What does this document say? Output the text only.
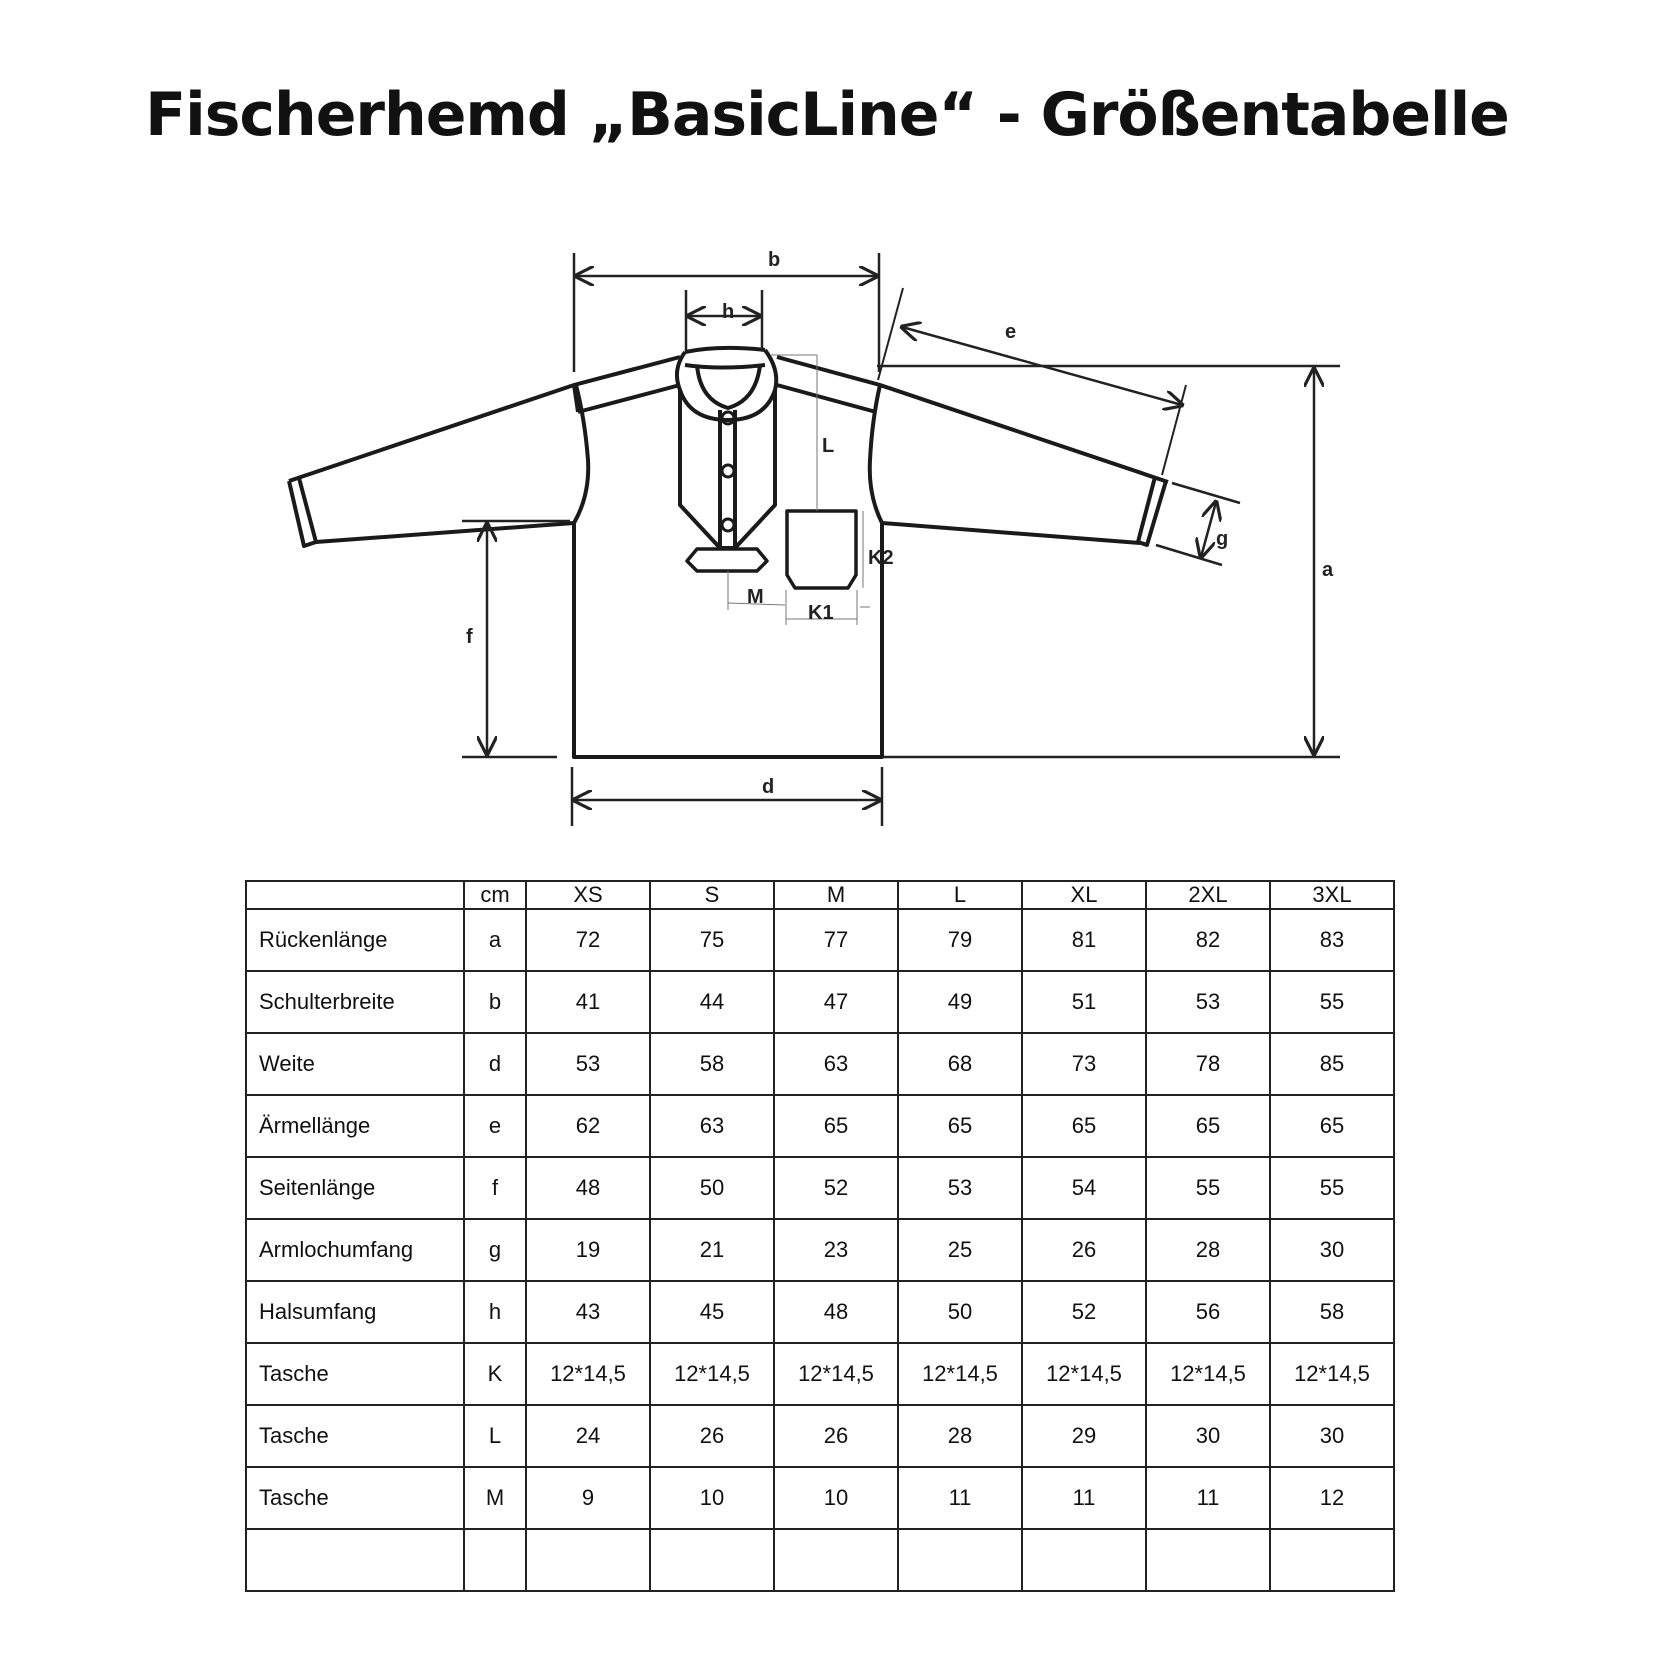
Fischerhemd „BasicLine“ - Größentabelle
b
h
e
L
K2
M
K1
g
a
f
d
	cm	XS	S	M	L	XL	2XL	3XL
Rückenlänge	a	72	75	77	79	81	82	83
Schulterbreite	b	41	44	47	49	51	53	55
Weite	d	53	58	63	68	73	78	85
Ärmellänge	e	62	63	65	65	65	65	65
Seitenlänge	f	48	50	52	53	54	55	55
Armlochumfang	g	19	21	23	25	26	28	30
Halsumfang	h	43	45	48	50	52	56	58
Tasche	K	12*14,5	12*14,5	12*14,5	12*14,5	12*14,5	12*14,5	12*14,5
Tasche	L	24	26	26	28	29	30	30
Tasche	M	9	10	10	11	11	11	12
